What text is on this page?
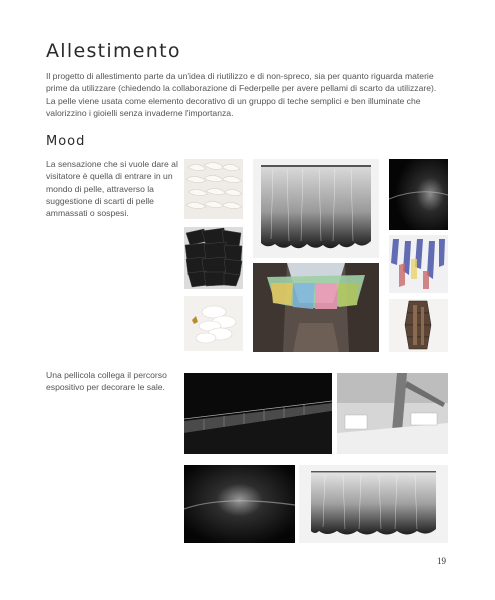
Allestimento
Il progetto di allestimento parte da un'idea di riutilizzo e di non-spreco, sia per quanto riguarda materie prime da utilizzare (chiedendo la collaborazione di Federpelle per avere pellami di scarto da utilizzare). La pelle viene usata come elemento decorativo di un gruppo di teche semplici e ben illuminate che valorizzino i gioielli senza invaderne l'importanza.
Mood
La sensazione che si vuole dare al visitatore è quella di entrare in un mondo di pelle, attraverso la suggestione di scarti di pelle ammassati o sospesi.
Una pellicola collega il percorso espositivo per decorare le sale.
19
